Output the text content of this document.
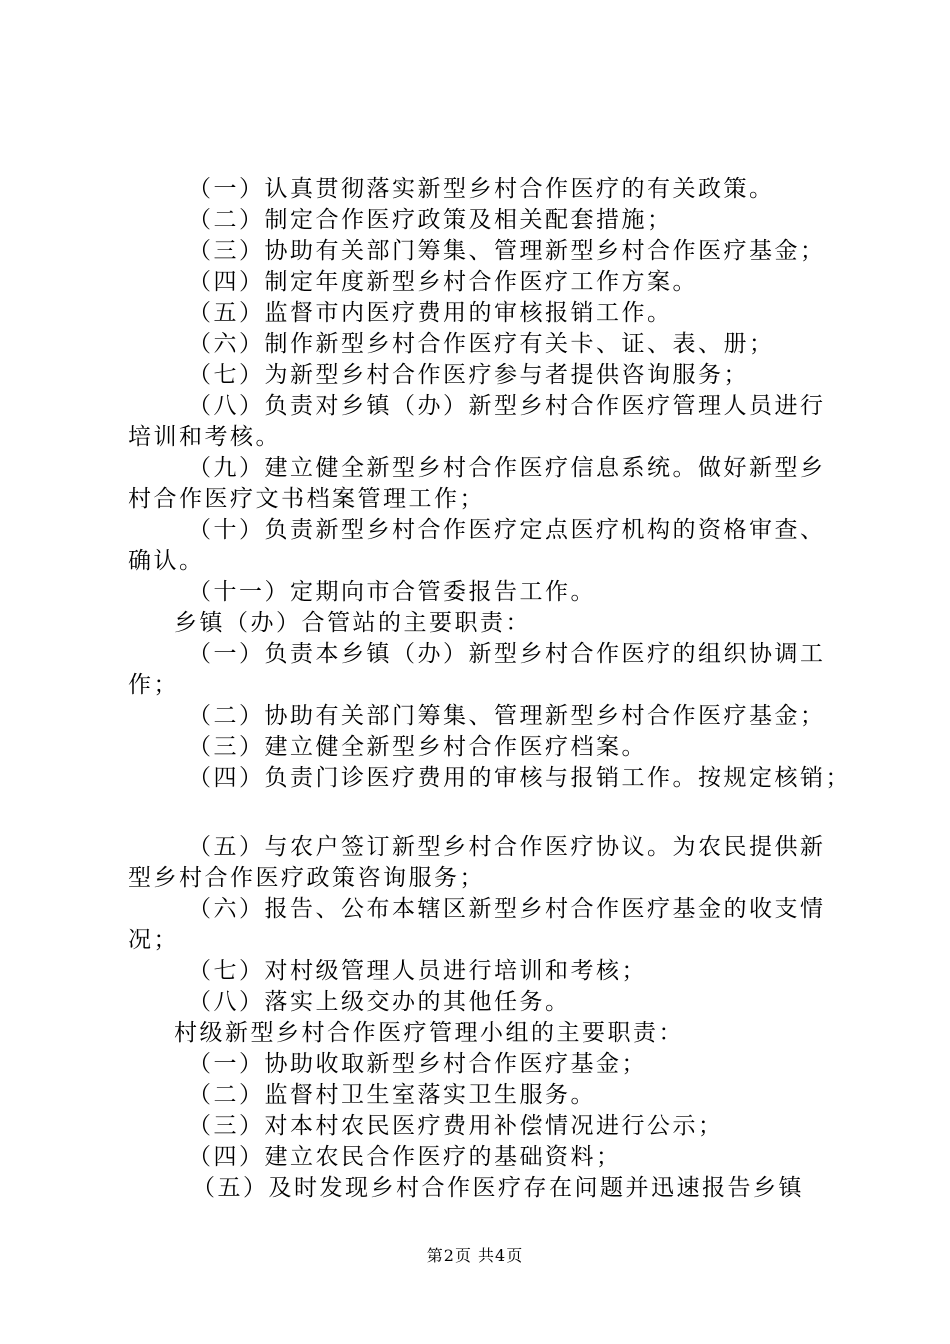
（一）认真贯彻落实新型乡村合作医疗的有关政策。
（二）制定合作医疗政策及相关配套措施；
（三）协助有关部门筹集、管理新型乡村合作医疗基金；
（四）制定年度新型乡村合作医疗工作方案。
（五）监督市内医疗费用的审核报销工作。
（六）制作新型乡村合作医疗有关卡、证、表、册；
（七）为新型乡村合作医疗参与者提供咨询服务；
（八）负责对乡镇（办）新型乡村合作医疗管理人员进行
培训和考核。
（九）建立健全新型乡村合作医疗信息系统。做好新型乡
村合作医疗文书档案管理工作；
（十）负责新型乡村合作医疗定点医疗机构的资格审查、
确认。
（十一）定期向市合管委报告工作。
乡镇（办）合管站的主要职责：
（一）负责本乡镇（办）新型乡村合作医疗的组织协调工
作；
（二）协助有关部门筹集、管理新型乡村合作医疗基金；
（三）建立健全新型乡村合作医疗档案。
（四）负责门诊医疗费用的审核与报销工作。按规定核销；
（五）与农户签订新型乡村合作医疗协议。为农民提供新
型乡村合作医疗政策咨询服务；
（六）报告、公布本辖区新型乡村合作医疗基金的收支情
况；
（七）对村级管理人员进行培训和考核；
（八）落实上级交办的其他任务。
村级新型乡村合作医疗管理小组的主要职责：
（一）协助收取新型乡村合作医疗基金；
（二）监督村卫生室落实卫生服务。
（三）对本村农民医疗费用补偿情况进行公示；
（四）建立农民合作医疗的基础资料；
（五）及时发现乡村合作医疗存在问题并迅速报告乡镇
第2页 共4页
